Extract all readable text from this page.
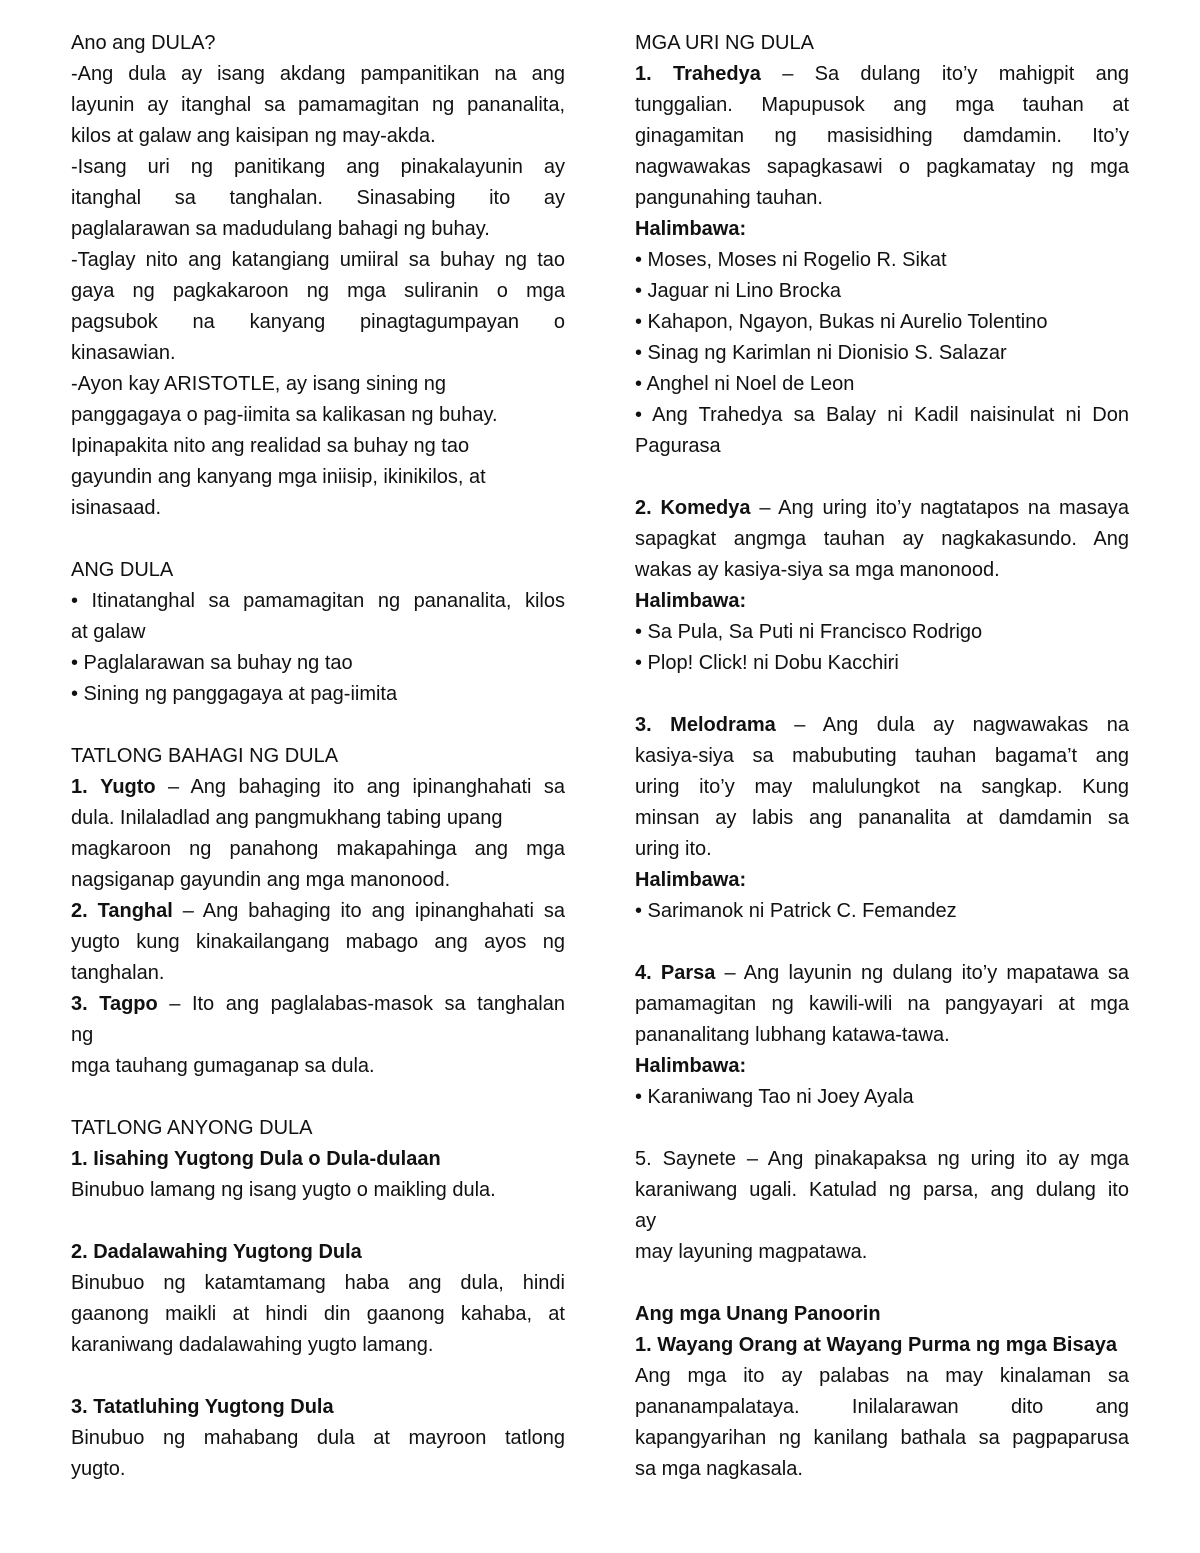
Ano ang DULA?
-Ang dula ay isang akdang pampanitikan na ang
layunin ay itanghal sa pamamagitan ng pananalita,
kilos at galaw ang kaisipan ng may-akda.
-Isang uri ng panitikang ang pinakalayunin ay
itanghal sa tanghalan. Sinasabing ito ay
paglalarawan sa madudulang bahagi ng buhay.
-Taglay nito ang katangiang umiiral sa buhay ng tao
gaya ng pagkakaroon ng mga suliranin o mga
pagsubok na kanyang pinagtagumpayan o
kinasawian.
-Ayon kay ARISTOTLE, ay isang sining ng
panggagaya o pag-iimita sa kalikasan ng buhay.
Ipinapakita nito ang realidad sa buhay ng tao
gayundin ang kanyang mga iniisip, ikinikilos, at
isinasaad.
ANG DULA
• Itinatanghal sa pamamagitan ng pananalita, kilos
at galaw
• Paglalarawan sa buhay ng tao
• Sining ng panggagaya at pag-iimita
TATLONG BAHAGI NG DULA
1. Yugto – Ang bahaging ito ang ipinanghahati sa
dula. Inilaladlad ang pangmukhang tabing upang
magkaroon ng panahong makapahinga ang mga
nagsiganap gayundin ang mga manonood.
2. Tanghal – Ang bahaging ito ang ipinanghahati sa
yugto kung kinakailangang mabago ang ayos ng
tanghalan.
3. Tagpo – Ito ang paglalabas-masok sa tanghalan
ng
mga tauhang gumaganap sa dula.
TATLONG ANYONG DULA
1. Iisahing Yugtong Dula o Dula-dulaan
Binubuo lamang ng isang yugto o maikling dula.
2. Dadalawahing Yugtong Dula
Binubuo ng katamtamang haba ang dula, hindi
gaanong maikli at hindi din gaanong kahaba, at
karaniwang dadalawahing yugto lamang.
3. Tatatluhing Yugtong Dula
Binubuo ng mahabang dula at mayroon tatlong
yugto.
MGA URI NG DULA
1. Trahedya – Sa dulang ito’y mahigpit ang
tunggalian. Mapupusok ang mga tauhan at
ginagamitan ng masisidhing damdamin. Ito’y
nagwawakas sapagkasawi o pagkamatay ng mga
pangunahing tauhan.
Halimbawa:
• Moses, Moses ni Rogelio R. Sikat
• Jaguar ni Lino Brocka
• Kahapon, Ngayon, Bukas ni Aurelio Tolentino
• Sinag ng Karimlan ni Dionisio S. Salazar
• Anghel ni Noel de Leon
• Ang Trahedya sa Balay ni Kadil naisinulat ni Don
Pagurasa
2. Komedya – Ang uring ito’y nagtatapos na masaya
sapagkat angmga tauhan ay nagkakasundo. Ang
wakas ay kasiya-siya sa mga manonood.
Halimbawa:
• Sa Pula, Sa Puti ni Francisco Rodrigo
• Plop! Click! ni Dobu Kacchiri
3. Melodrama – Ang dula ay nagwawakas na
kasiya-siya sa mabubuting tauhan bagama’t ang
uring ito’y may malulungkot na sangkap. Kung
minsan ay labis ang pananalita at damdamin sa
uring ito.
Halimbawa:
• Sarimanok ni Patrick C. Femandez
4. Parsa – Ang layunin ng dulang ito’y mapatawa sa
pamamagitan ng kawili-wili na pangyayari at mga
pananalitang lubhang katawa-tawa.
Halimbawa:
• Karaniwang Tao ni Joey Ayala
5. Saynete – Ang pinakapaksa ng uring ito ay mga
karaniwang ugali. Katulad ng parsa, ang dulang ito
ay
may layuning magpatawa.
Ang mga Unang Panoorin
1. Wayang Orang at Wayang Purma ng mga Bisaya
Ang mga ito ay palabas na may kinalaman sa
pananampalataya. Inilalarawan dito ang
kapangyarihan ng kanilang bathala sa pagpaparusa
sa mga nagkasala.
